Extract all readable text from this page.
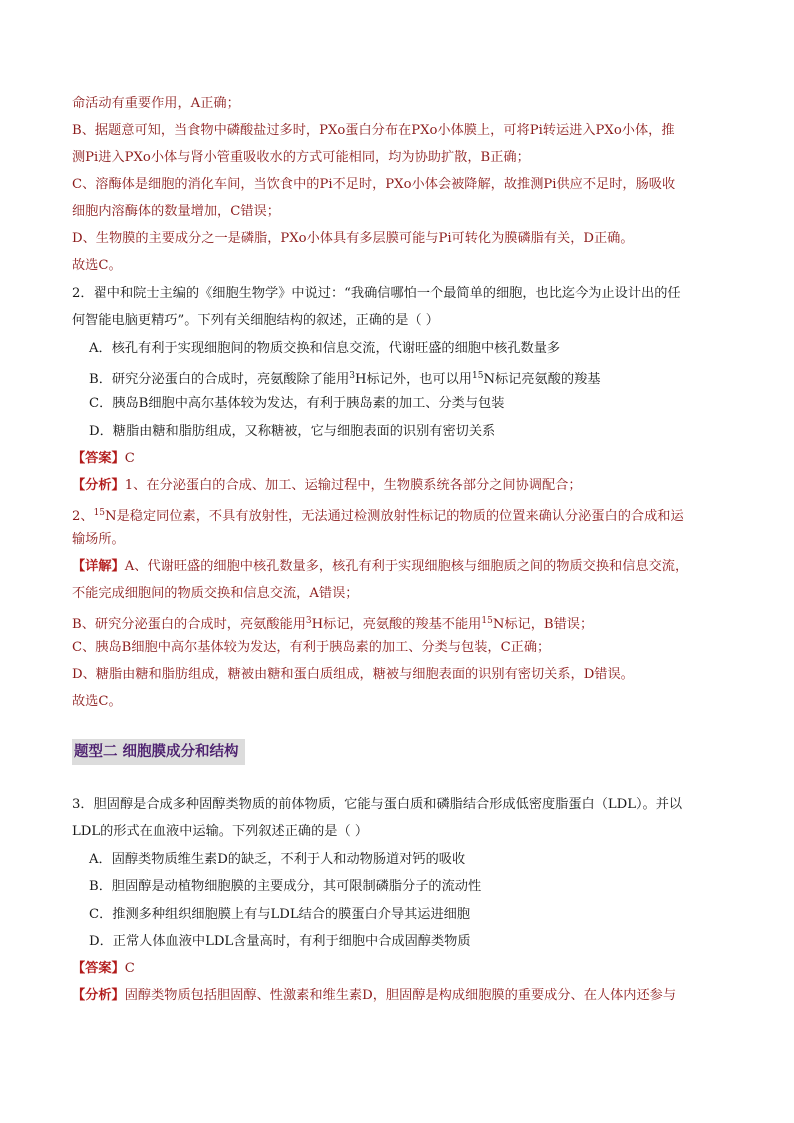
命活动有重要作用，A正确；
B、据题意可知，当食物中磷酸盐过多时，PXo蛋白分布在PXo小体膜上，可将Pi转运进入PXo小体，推
测Pi进入PXo小体与肾小管重吸收水的方式可能相同，均为协助扩散，B正确；
C、溶酶体是细胞的消化车间，当饮食中的Pi不足时，PXo小体会被降解，故推测Pi供应不足时，肠吸收
细胞内溶酶体的数量增加，C错误；
D、生物膜的主要成分之一是磷脂，PXo小体具有多层膜可能与Pi可转化为膜磷脂有关，D正确。
故选C。
2．翟中和院士主编的《细胞生物学》中说过：“我确信哪怕一个最简单的细胞，也比迄今为止设计出的任
何智能电脑更精巧”。下列有关细胞结构的叙述，正确的是（ ）
A．核孔有利于实现细胞间的物质交换和信息交流，代谢旺盛的细胞中核孔数量多
B．研究分泌蛋白的合成时，亮氨酸除了能用$^3$H标记外，也可以用$^{15}$N标记亮氨酸的羧基
C．胰岛B细胞中高尔基体较为发达，有利于胰岛素的加工、分类与包装
D．糖脂由糖和脂肪组成，又称糖被，它与细胞表面的识别有密切关系
【答案】C
【分析】1、在分泌蛋白的合成、加工、运输过程中，生物膜系统各部分之间协调配合；
2、$^{15}$N是稳定同位素，不具有放射性，无法通过检测放射性标记的物质的位置来确认分泌蛋白的合成和运
输场所。
【详解】A、代谢旺盛的细胞中核孔数量多，核孔有利于实现细胞核与细胞质之间的物质交换和信息交流，
不能完成细胞间的物质交换和信息交流，A错误；
B、研究分泌蛋白的合成时，亮氨酸能用$^3$H标记，亮氨酸的羧基不能用$^{15}$N标记，B错误；
C、胰岛B细胞中高尔基体较为发达，有利于胰岛素的加工、分类与包装，C正确；
D、糖脂由糖和脂肪组成，糖被由糖和蛋白质组成，糖被与细胞表面的识别有密切关系，D错误。
故选C。
题型二 细胞膜成分和结构
3．胆固醇是合成多种固醇类物质的前体物质，它能与蛋白质和磷脂结合形成低密度脂蛋白（LDL）。并以
LDL的形式在血液中运输。下列叙述正确的是（ ）
A．固醇类物质维生素D的缺乏，不利于人和动物肠道对钙的吸收
B．胆固醇是动植物细胞膜的主要成分，其可限制磷脂分子的流动性
C．推测多种组织细胞膜上有与LDL结合的膜蛋白介导其运进细胞
D．正常人体血液中LDL含量高时，有利于细胞中合成固醇类物质
【答案】C
【分析】固醇类物质包括胆固醇、性激素和维生素D，胆固醇是构成细胞膜的重要成分、在人体内还参与
